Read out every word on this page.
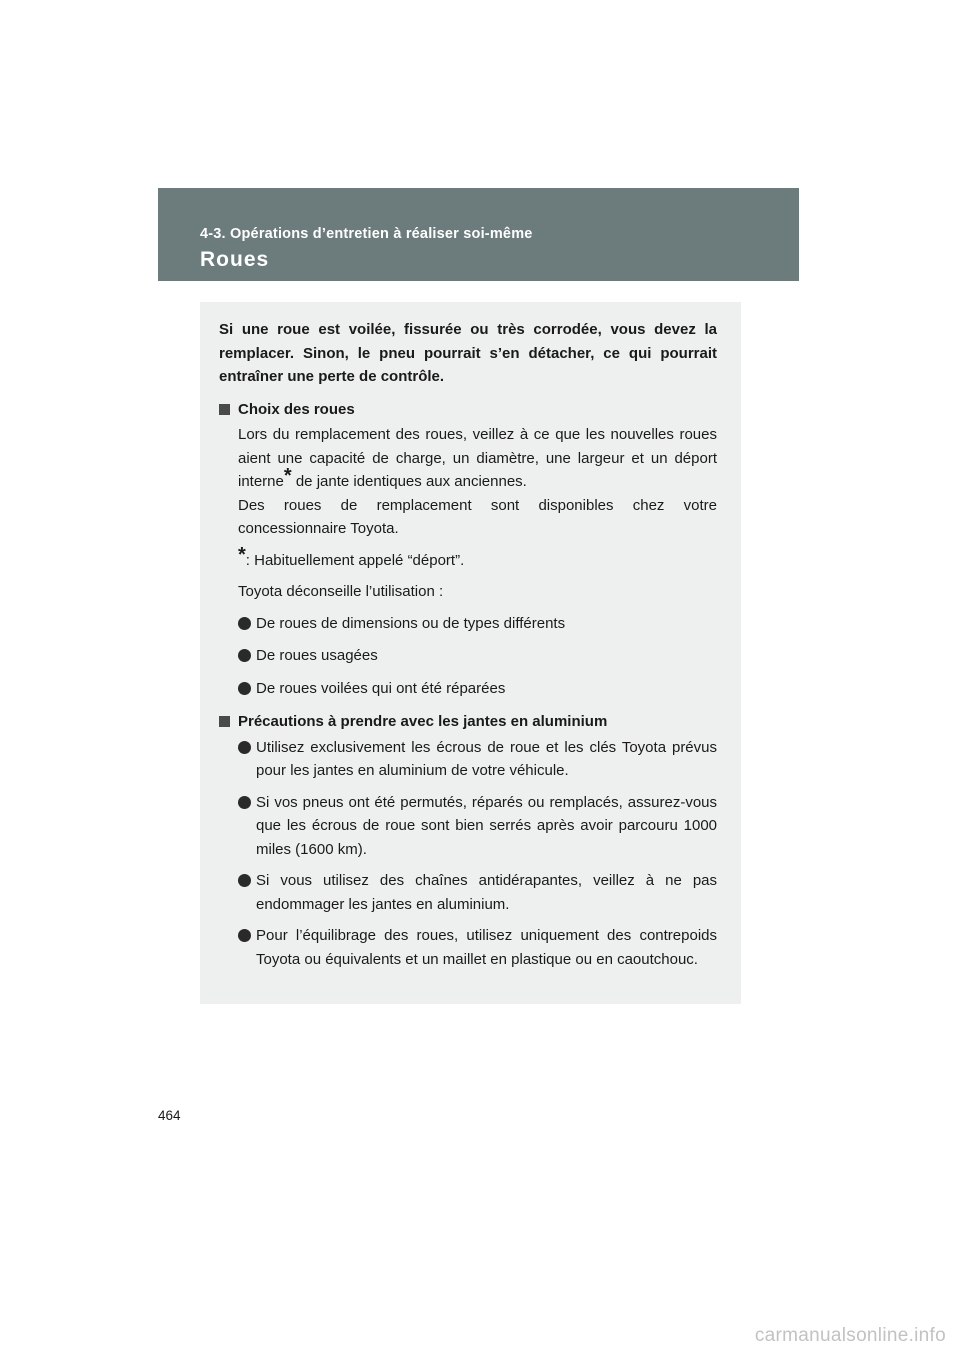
4-3. Opérations d’entretien à réaliser soi-même
Roues

Si une roue est voilée, fissurée ou très corrodée, vous devez la remplacer. Sinon, le pneu pourrait s’en détacher, ce qui pourrait entraîner une perte de contrôle.

Choix des roues

Lors du remplacement des roues, veillez à ce que les nouvelles roues aient une capacité de charge, un diamètre, une largeur et un déport interne* de jante identiques aux anciennes.

Des roues de remplacement sont disponibles chez votre concessionnaire Toyota.

*: Habituellement appelé “déport”.

Toyota déconseille l’utilisation :

De roues de dimensions ou de types différents
De roues usagées
De roues voilées qui ont été réparées

Précautions à prendre avec les jantes en aluminium

Utilisez exclusivement les écrous de roue et les clés Toyota prévus pour les jantes en aluminium de votre véhicule.
Si vos pneus ont été permutés, réparés ou remplacés, assurez-vous que les écrous de roue sont bien serrés après avoir parcouru 1000 miles (1600 km).
Si vous utilisez des chaînes antidérapantes, veillez à ne pas endommager les jantes en aluminium.
Pour l’équilibrage des roues, utilisez uniquement des contrepoids Toyota ou équivalents et un maillet en plastique ou en caoutchouc.
464
carmanualsonline.info
